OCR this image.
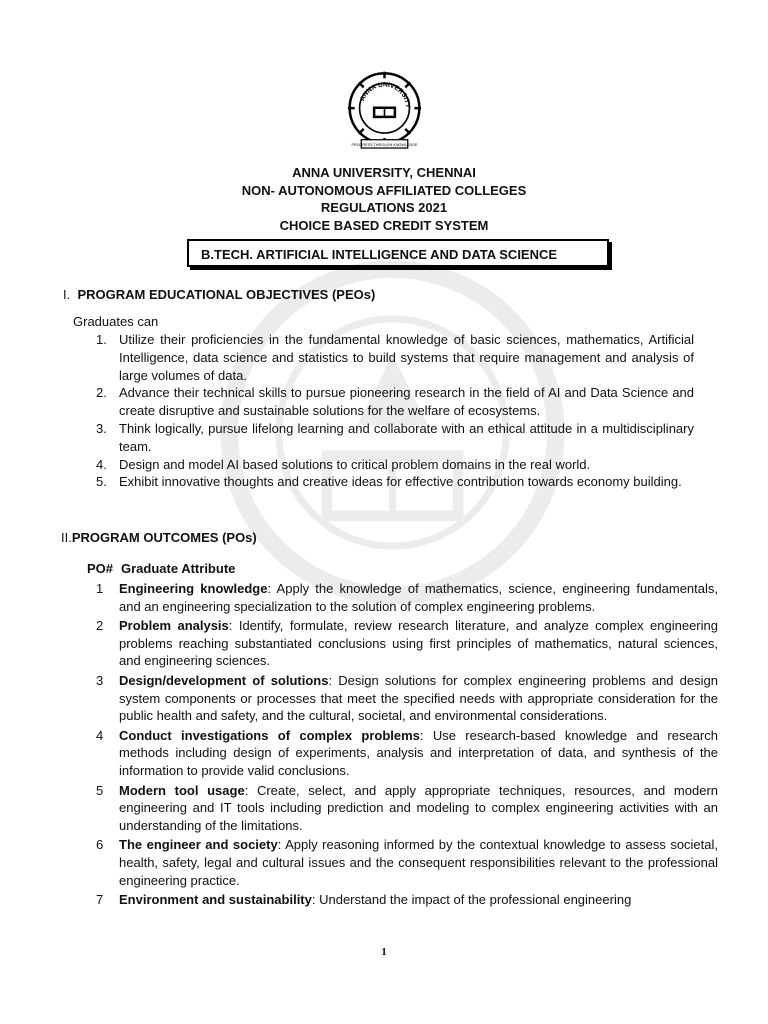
ANNA UNIVERSITY
PROGRESS THROUGH KNOWLEDGE
ANNA UNIVERSITY, CHENNAI
NON- AUTONOMOUS AFFILIATED COLLEGES
REGULATIONS 2021
CHOICE BASED CREDIT SYSTEM
B.TECH. ARTIFICIAL INTELLIGENCE AND DATA SCIENCE
I. PROGRAM EDUCATIONAL OBJECTIVES (PEOs)
Graduates can
1. Utilize their proficiencies in the fundamental knowledge of basic sciences, mathematics, Artificial Intelligence, data science and statistics to build systems that require management and analysis of large volumes of data.
2. Advance their technical skills to pursue pioneering research in the field of AI and Data Science and create disruptive and sustainable solutions for the welfare of ecosystems.
3. Think logically, pursue lifelong learning and collaborate with an ethical attitude in a multidisciplinary team.
4. Design and model AI based solutions to critical problem domains in the real world.
5. Exhibit innovative thoughts and creative ideas for effective contribution towards economy building.
II.PROGRAM OUTCOMES (POs)
PO# Graduate Attribute
1 Engineering knowledge: Apply the knowledge of mathematics, science, engineering fundamentals, and an engineering specialization to the solution of complex engineering problems.
2 Problem analysis: Identify, formulate, review research literature, and analyze complex engineering problems reaching substantiated conclusions using first principles of mathematics, natural sciences, and engineering sciences.
3 Design/development of solutions: Design solutions for complex engineering problems and design system components or processes that meet the specified needs with appropriate consideration for the public health and safety, and the cultural, societal, and environmental considerations.
4 Conduct investigations of complex problems: Use research-based knowledge and research methods including design of experiments, analysis and interpretation of data, and synthesis of the information to provide valid conclusions.
5 Modern tool usage: Create, select, and apply appropriate techniques, resources, and modern engineering and IT tools including prediction and modeling to complex engineering activities with an understanding of the limitations.
6 The engineer and society: Apply reasoning informed by the contextual knowledge to assess societal, health, safety, legal and cultural issues and the consequent responsibilities relevant to the professional engineering practice.
7 Environment and sustainability: Understand the impact of the professional engineering
1
